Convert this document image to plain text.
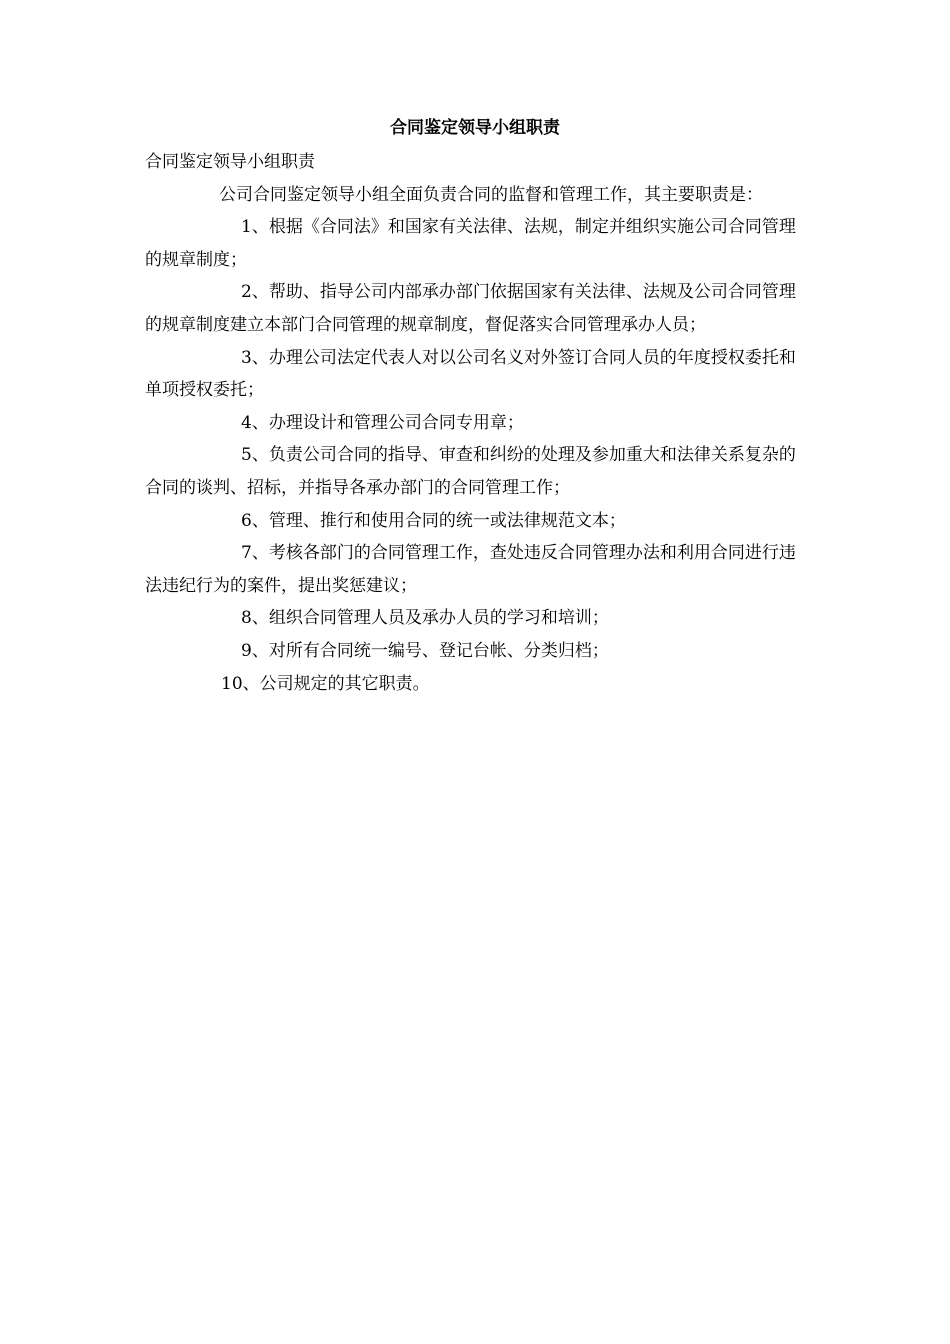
合同鉴定领导小组职责

合同鉴定领导小组职责

公司合同鉴定领导小组全面负责合同的监督和管理工作，其主要职责是：

1、根据《合同法》和国家有关法律、法规，制定并组织实施公司合同管理的规章制度；

2、帮助、指导公司内部承办部门依据国家有关法律、法规及公司合同管理的规章制度建立本部门合同管理的规章制度，督促落实合同管理承办人员；

3、办理公司法定代表人对以公司名义对外签订合同人员的年度授权委托和单项授权委托；

4、办理设计和管理公司合同专用章；

5、负责公司合同的指导、审查和纠纷的处理及参加重大和法律关系复杂的合同的谈判、招标，并指导各承办部门的合同管理工作；

6、管理、推行和使用合同的统一或法律规范文本；

7、考核各部门的合同管理工作，查处违反合同管理办法和利用合同进行违法违纪行为的案件，提出奖惩建议；

8、组织合同管理人员及承办人员的学习和培训；

9、对所有合同统一编号、登记台帐、分类归档；

10、公司规定的其它职责。
